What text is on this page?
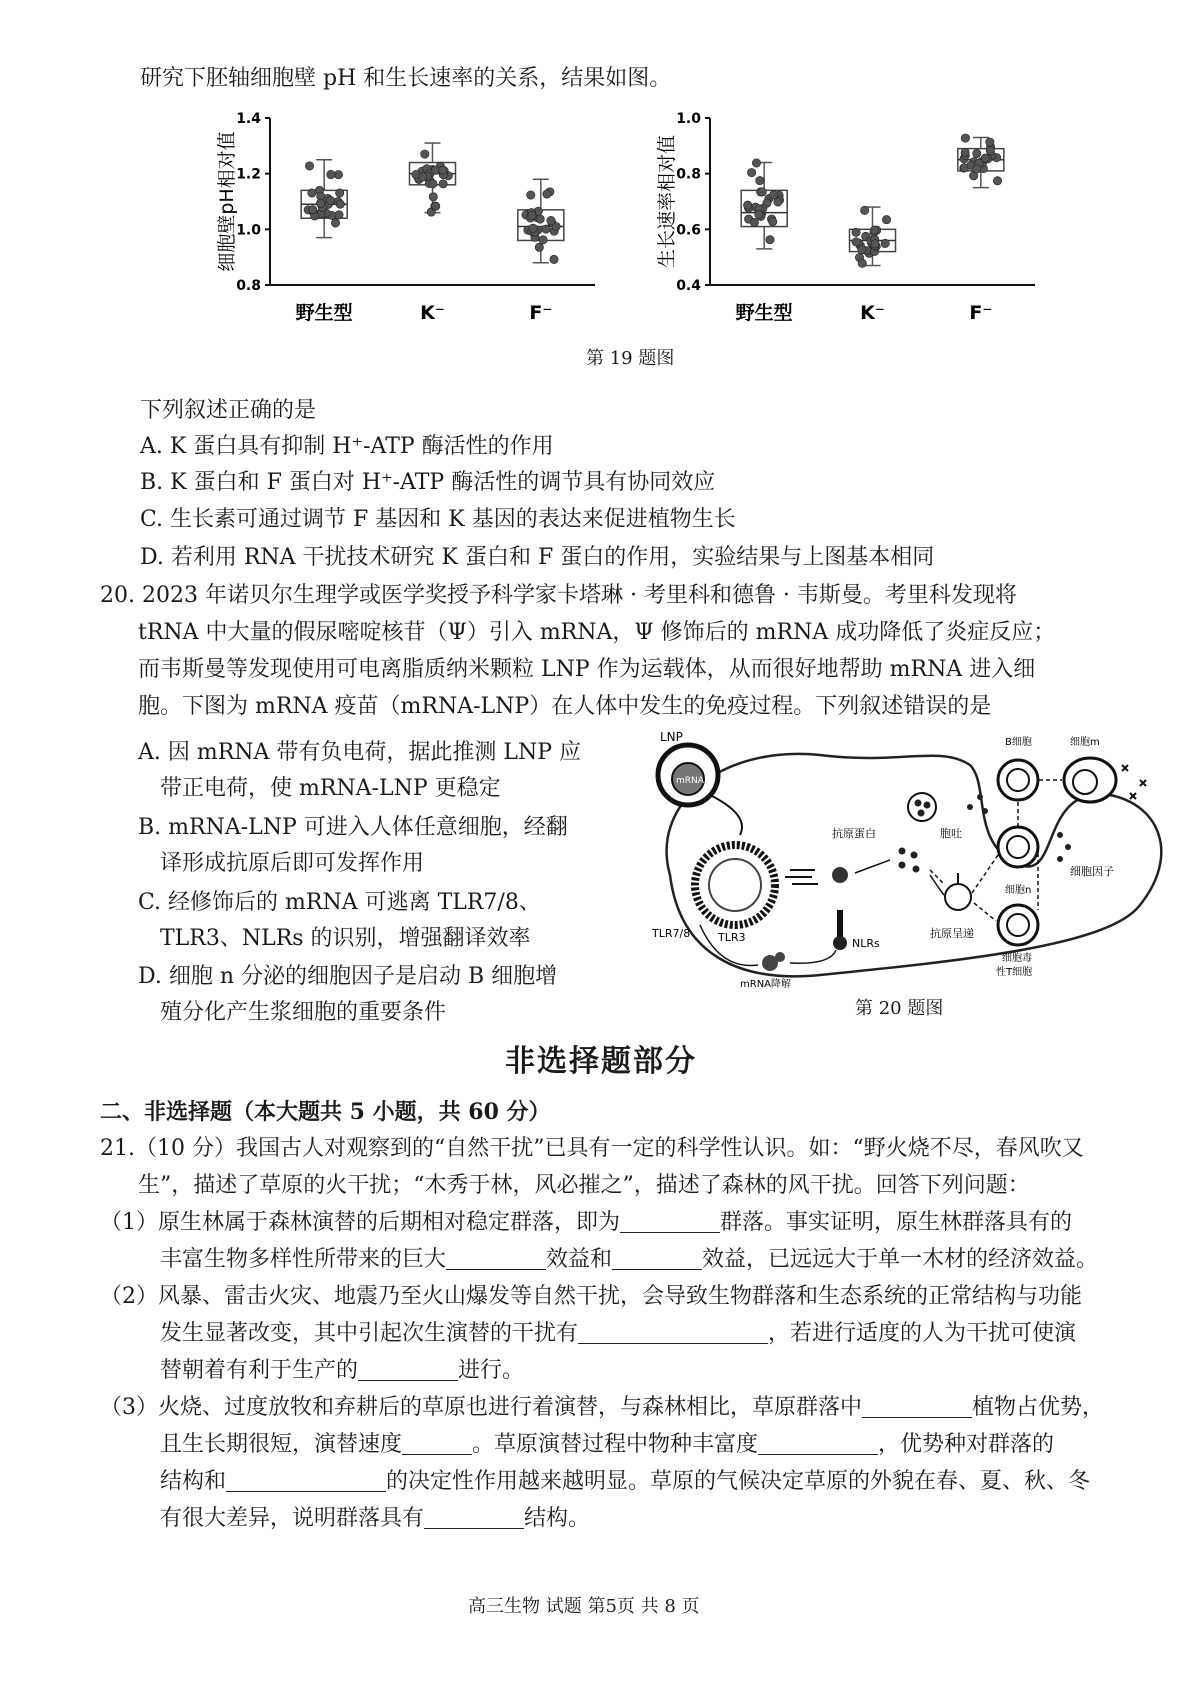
研究下胚轴细胞壁 pH 和生长速率的关系，结果如图。
0.8
1.0
1.2
1.4
细胞壁pH相对值
野生型	K⁻	F⁻
0.4
0.6
0.8
1.0
生长速率相对值
野生型	K⁻	F⁻
第 19 题图
下列叙述正确的是
A. K 蛋白具有抑制 H⁺-ATP 酶活性的作用
B. K 蛋白和 F 蛋白对 H⁺-ATP 酶活性的调节具有协同效应
C. 生长素可通过调节 F 基因和 K 基因的表达来促进植物生长
D. 若利用 RNA 干扰技术研究 K 蛋白和 F 蛋白的作用，实验结果与上图基本相同
20. 2023 年诺贝尔生理学或医学奖授予科学家卡塔琳 · 考里科和德鲁 · 韦斯曼。考里科发现将
tRNA 中大量的假尿嘧啶核苷（Ψ）引入 mRNA，Ψ 修饰后的 mRNA 成功降低了炎症反应；
而韦斯曼等发现使用可电离脂质纳米颗粒 LNP 作为运载体，从而很好地帮助 mRNA 进入细
胞。下图为 mRNA 疫苗（mRNA-LNP）在人体中发生的免疫过程。下列叙述错误的是
A. 因 mRNA 带有负电荷，据此推测 LNP 应
带正电荷，使 mRNA-LNP 更稳定
B. mRNA-LNP 可进入人体任意细胞，经翻
译形成抗原后即可发挥作用
C. 经修饰后的 mRNA 可逃离 TLR7/8、
TLR3、NLRs 的识别，增强翻译效率
D. 细胞 n 分泌的细胞因子是启动 B 细胞增
殖分化产生浆细胞的重要条件
LNP
mRNA
TLR7/8	TLR3	NLRs
mRNA降解
抗原蛋白	胞吐
抗原呈递
B细胞	细胞m
细胞n
细胞因子
细胞毒
性T细胞
第 20 题图
非选择题部分
二、非选择题（本大题共 5 小题，共 60 分）
21.（10 分）我国古人对观察到的“自然干扰”已具有一定的科学性认识。如：“野火烧不尽，春风吹又
生”，描述了草原的火干扰；“木秀于林，风必摧之”，描述了森林的风干扰。回答下列问题：
（1）原生林属于森林演替的后期相对稳定群落，即为	群落。事实证明，原生林群落具有的
丰富生物多样性所带来的巨大	效益和	效益，已远远大于单一木材的经济效益。
（2）风暴、雷击火灾、地震乃至火山爆发等自然干扰，会导致生物群落和生态系统的正常结构与功能
发生显著改变，其中引起次生演替的干扰有	，若进行适度的人为干扰可使演
替朝着有利于生产的	进行。
（3）火烧、过度放牧和弃耕后的草原也进行着演替，与森林相比，草原群落中	植物占优势，
且生长期很短，演替速度	。草原演替过程中物种丰富度	，优势种对群落的
结构和	的决定性作用越来越明显。草原的气候决定草原的外貌在春、夏、秋、冬
有很大差异，说明群落具有	结构。
高三生物 试题 第5页 共 8 页
